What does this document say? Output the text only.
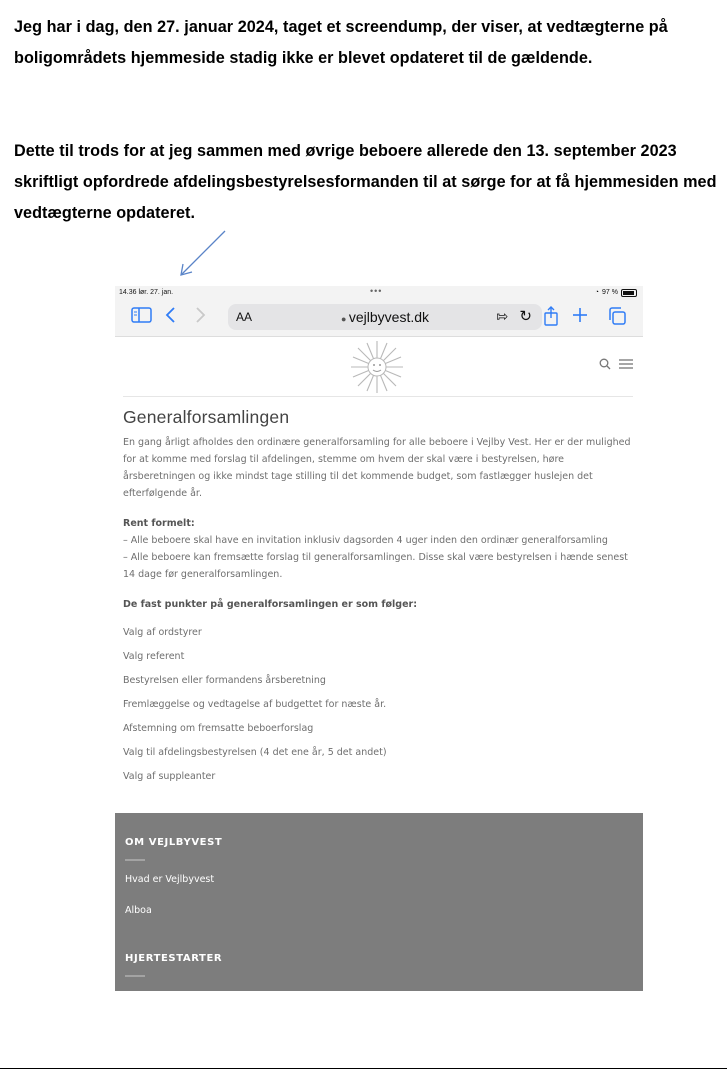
Jeg har i dag, den 27. januar 2024, taget et screendump, der viser, at vedtægterne på boligområdets hjemmeside stadig ikke er blevet opdateret til de gældende.

Dette til trods for at jeg sammen med øvrige beboere allerede den 13. september 2023 skriftligt opfordrede afdelingsbestyrelsesformanden til at sørge for at få hjemmesiden med vedtægterne opdateret.

14.36 lør. 27. jan.	•••	◔ 97 %
AA	● vejlbyvest.dk	⇰ ↻
Generalforsamlingen

En gang årligt afholdes den ordinære generalforsamling for alle beboere i Vejlby Vest. Her er der mulighed for at komme med forslag til afdelingen, stemme om hvem der skal være i bestyrelsen, høre årsberetningen og ikke mindst tage stilling til det kommende budget, som fastlægger huslejen det efterfølgende år.

Rent formelt:

– Alle beboere skal have en invitation inklusiv dagsorden 4 uger inden den ordinær generalforsamling

– Alle beboere kan fremsætte forslag til generalforsamlingen. Disse skal være bestyrelsen i hænde senest 14 dage før generalforsamlingen.

De fast punkter på generalforsamlingen er som følger:

Valg af ordstyrer
Valg referent
Bestyrelsen eller formandens årsberetning
Fremlæggelse og vedtagelse af budgettet for næste år.
Afstemning om fremsatte beboerforslag
Valg til afdelingsbestyrelsen (4 det ene år, 5 det andet)
Valg af suppleanter
OM VEJLBYVEST
Hvad er Vejlbyvest
Alboa
HJERTESTARTER
